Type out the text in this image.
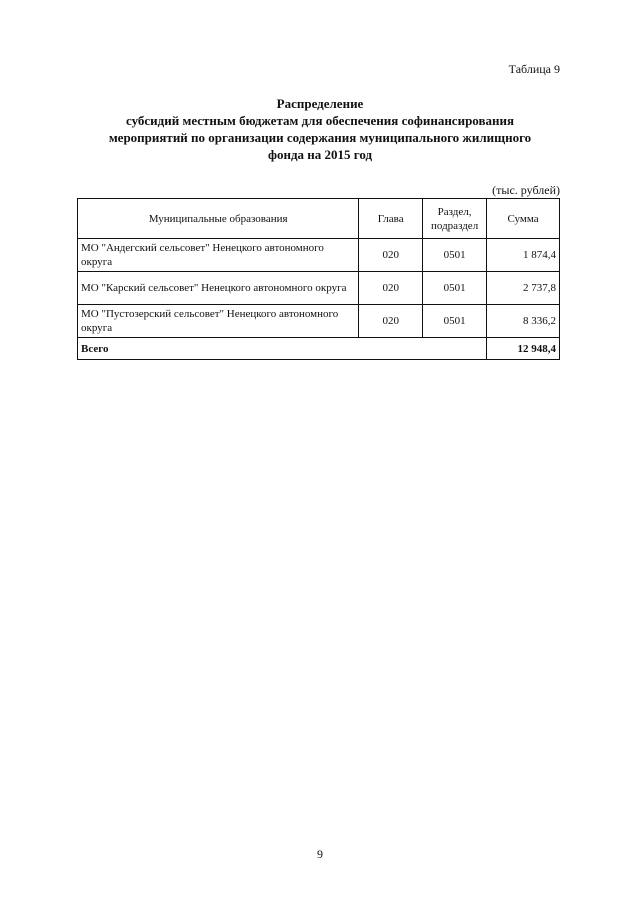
Таблица 9
Распределение
субсидий местным бюджетам для обеспечения софинансирования
мероприятий по организации содержания муниципального жилищного
фонда на 2015 год
(тыс. рублей)
Муниципальные образования	Глава	Раздел, подраздел	Сумма
МО "Андегский сельсовет" Ненецкого автономного округа	020	0501	1 874,4
МО "Карский сельсовет" Ненецкого автономного округа	020	0501	2 737,8
МО "Пустозерский сельсовет" Ненецкого автономного округа	020	0501	8 336,2
Всего			12 948,4
9
